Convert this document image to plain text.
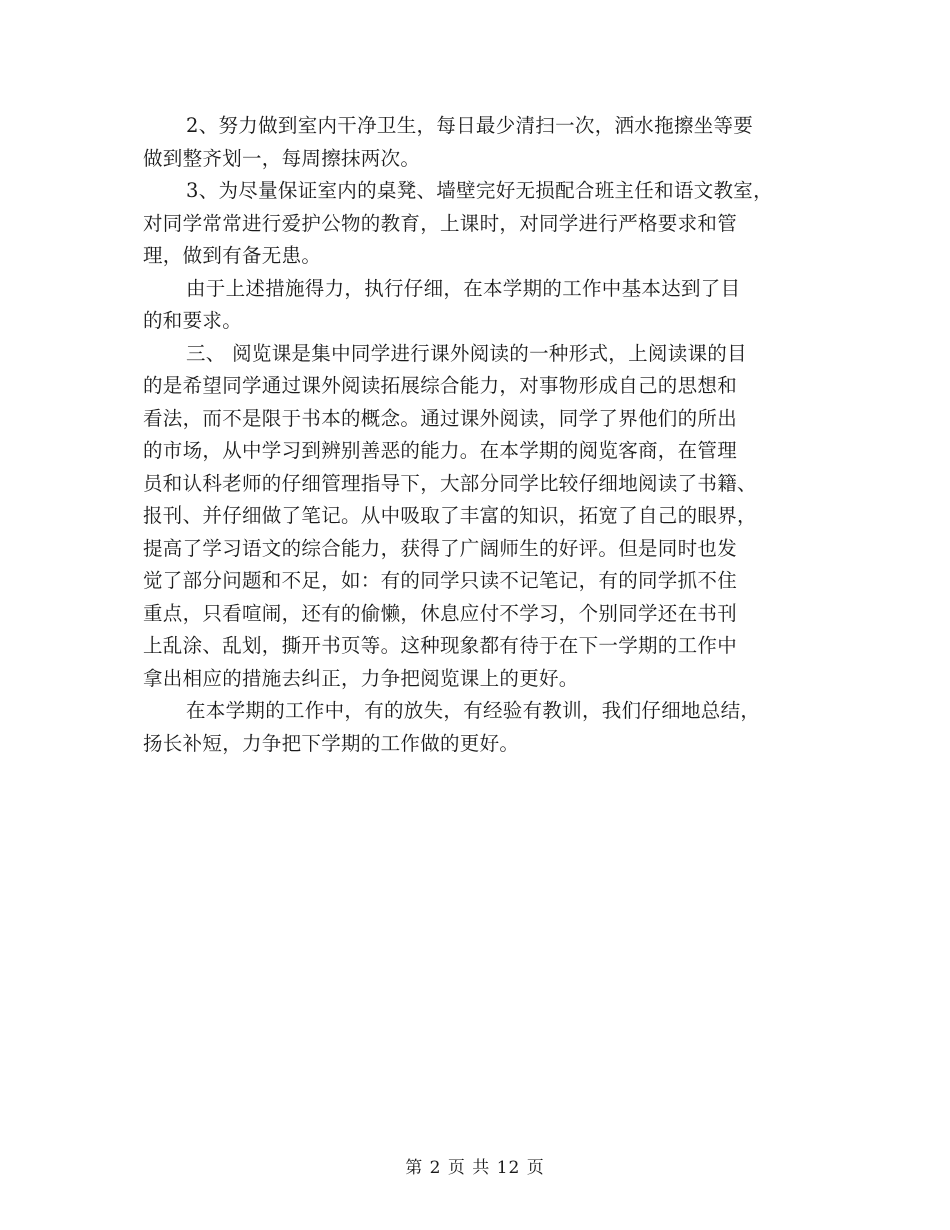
2、努力做到室内干净卫生，每日最少清扫一次，洒水拖擦坐等要
做到整齐划一，每周擦抹两次。
3、为尽量保证室内的桌凳、墙壁完好无损配合班主任和语文教室，
对同学常常进行爱护公物的教育，上课时，对同学进行严格要求和管
理，做到有备无患。
由于上述措施得力，执行仔细，在本学期的工作中基本达到了目
的和要求。
三、 阅览课是集中同学进行课外阅读的一种形式，上阅读课的目
的是希望同学通过课外阅读拓展综合能力，对事物形成自己的思想和
看法，而不是限于书本的概念。通过课外阅读，同学了界他们的所出
的市场，从中学习到辨别善恶的能力。在本学期的阅览客商，在管理
员和认科老师的仔细管理指导下，大部分同学比较仔细地阅读了书籍、
报刊、并仔细做了笔记。从中吸取了丰富的知识，拓宽了自己的眼界，
提高了学习语文的综合能力，获得了广阔师生的好评。但是同时也发
觉了部分问题和不足，如：有的同学只读不记笔记，有的同学抓不住
重点，只看喧闹，还有的偷懒，休息应付不学习，个别同学还在书刊
上乱涂、乱划，撕开书页等。这种现象都有待于在下一学期的工作中
拿出相应的措施去纠正，力争把阅览课上的更好。
在本学期的工作中，有的放失，有经验有教训，我们仔细地总结，
扬长补短，力争把下学期的工作做的更好。
第 2 页 共 12 页
